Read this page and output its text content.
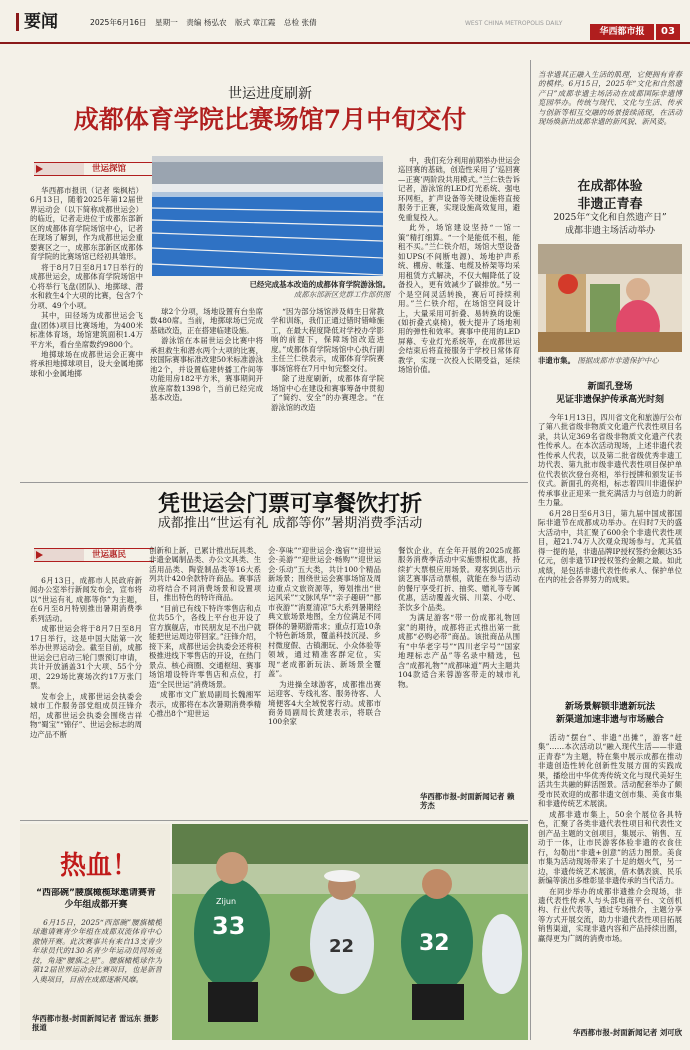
要闻	2025年6月16日 星期一 责编 杨弘农 版式 章江霞 总检 张倩	WEST CHINA METROPOLIS DAILY
华西都市报	03
世运进度刷新
成都体育学院比赛场馆7月中旬交付
世运探馆

华西都市报讯（记者 柴枫桔）6月13日，随着2025年第12届世界运动会（以下简称成都世运会）的临近，记者走进位于成都东部新区的成都体育学院场馆中心，记者在现场了解到，作为成都世运会重要赛区之一，成都东部新区成都体育学院的比赛场馆已经初具雏形。

将于8月7日至8月17日举行的成都世运会，成都体育学院场馆中心将举行飞盘(团队)、地掷球、潜水和救生4个大项的比赛，包含7个分项、49个小项。

其中，田径场为成都世运会飞盘(团体)项目比赛场地，为400米标准体育场，场馆建筑面积1.4万平方米，看台坐席数约9800个。

地掷球场在成都世运会正赛中将承担地掷球项目，设大金属地掷球和小金属地掷

已经完成基本改造的成都体育学院游泳馆。
成都东部新区党群工作部供图

球2个分项，场地设置有台坐席数480席。当前，地掷球场已完成基础改造，正在搭建临建设施。

游泳馆在本届世运会比赛中将承担救生和潜水两个大项的比赛，按国际赛事标准改建50米标准游泳池2个，并设置临建转播工作间等功能用房182平方米，赛事期间开放座席数1398个，当前已经完成基本改造。

“因为部分场馆涉及师生日常教学和训练，我们正通过错时错峰施工，在最大程度降低对学校办学影响的前提下，保障场馆改造进度。”成都体育学院场馆中心执行副主任兰仁铁表示，成都体育学院赛事场馆将在7月中旬完整交付。

除了进度刷新，成都体育学院场馆中心在建设和赛事筹备中贯彻了“简约、安全”的办赛理念。“在游泳馆的改造

中，我们充分利用前期举办世运会巡回赛的基础，创造性采用了‘巡回赛—正赛’两阶段共用模式。”兰仁铁告诉记者，游泳馆的LED灯光系统、强电环网柜，扩声设备等关键设施将直接服务于正赛，实现设施高效复用，避免重复投入。

此外，场馆建设坚持“一馆一策”精打细算。“一个是能低不租，能租不买。”兰仁铁介绍，场馆大型设备如UPS(不间断电源)、场地护声系统、棚房、帐篷、电缆及桥架等均采用租赁方式解决，不仅大幅降低了设备投入，更有效减少了碳排放。”另一个是空间灵活转换，赛后可持续利用。”兰仁铁介绍，在场馆空间设计上，大量采用可折叠、易转换的设施(如折叠式桌椅)，极大提升了场地利用的弹性和效率。赛事中使用的LED屏幕、专业灯光系统等，在成都世运会结束后将直接服务于学校日常体育教学，实现一次投入长期受益，延续场馆价值。

凭世运会门票可享餐饮打折
成都推出“世运有礼 成都等你”暑期消费季活动
世运惠民

6月13日，成都市人民政府新闻办公室举行新闻发布会，宣布将以“世运有礼 成都等你”为主题，在6月至8月特别推出暑期消费季系列活动。

成都世运会将于8月7日至8月17日举行，这是中国大陆第一次举办世界运动会。截至目前，成都世运会已启动三轮门票预订申请，共计开放涵盖31个大项、55个分项、229场比赛场次约17万张门票。

发布会上，成都世运会执委会城市工作服务部党组成员汪锋介绍，成都世运会执委会围绕吉祥物“蜀宝”“锦仔”、世运会标志的周边产品不断

创新和上新，已累计推出玩具类、非遗金属制品类、办公文具类、生活用品类、陶瓷制品类等16大系列共计420余款特许商品。赛事活动将结合不同消费场景和设置项目，推出特色的特许商品。

“目前已有线下特许零售店和点位共55个，各线上平台也开设了官方旗舰店，市民朋友足不出户就能把世运周边带回家。”汪锋介绍，接下来，成都世运会执委会还将积极推进线下零售店的开设，在热门景点、核心商圈、交通枢纽、赛事场馆增设特许零售店和点位，打造“全民世运”消费场景。

成都市文广旅局副局长魏湘军表示，成都将在本次暑期消费季精心推出8个“迎世运

会·享味”“迎世运会·逸宿”“迎世运会·美游”“迎世运会·畅购”“迎世运会·乐动”五大类，共计100个精品新场景；围绕世运会赛事场馆及周边重点文旅资源等，筹划推出“世运风采”“文脉风华”“亲子趣研”“都市夜游”“消夏清凉”5大系列暑期经典文旅场景地图，全方位满足不同群体的暑期游需求；重点打造10条个特色新场景，覆盖科技沉浸、乡村微度假、古镇潮玩、小众体验等领域，通过精准客群定位，实现“老成都新玩法、新场景全覆盖”。

为进操全球游客，成都推出赛运迎客、专线礼客、服务待客、人境便客4大全域悦客行动。成都市商务局副局长黄建表示，将联合100余家

餐饮企业，在全年开展的2025成都服务消费季活动中实施票根优惠，持续扩大票根应用场景。观客到店出示演艺赛事活动票根，就能在参与活动的餐厅享受打折、抽奖、赠礼等专属优惠，活动覆盖火锅、川菜、小吃、茶饮多个品类。

为满足游客“带一份成都礼物回家”的期待，成都将正式推出第一批成都“必购必带”商品。该批商品从围有“中华老字号”“四川老字号”“国家地理标志产品”等名录中精选，包含“成都礼物”“成都味道”两大主题共104款适合来蓉游客带走的城市礼物。

华西都市报-封面新闻记者 赖芳杰
热血！
“西部碗”腰旗橄榄球邀请赛青少年组成都开赛

6月15日，2025“西部碗”腰旗橄榄球邀请赛青少年组在成都双流体育中心激情开赛。此次赛事共有来自13支青少年球员代的130名青少年运动员同场竞技，角逐“腰旗之星”。腰旗橄榄球作为第12届世界运动会比赛项目，也是新晋入奥项目，目前在成都逐渐风靡。

华西都市报-封面新闻记者 雷远东 摄影报道
33
22	32
Zijun
当非遗其正融入生活的肌理，它便拥有青春的模样。6月15日，2025年“文化和自然遗产日”成都非遗主场活动在成都国际非遗博览园举办。传统与现代、文化与生活、传承与创新等相互交融的场景接续涌现，在活动现场焕新出成都非遗的新风貌、新风姿。
在成都体验
非遗正青春
2025年“文化和自然遗产日”
成都非遗主场活动举办
非遗市集。 图据成都市非遗保护中心
新面孔登场
见证非遗保护传承高光时刻

今年1月13日，四川省文化和旅游厅公布了第八批省级非物质文化遗产代表性项目名录，共认定369名省级非物质文化遗产代表性传承人。在本次活动现场，上述非遗代表性传承人代表，以及第二批省级优秀非遗工坊代表、第九批市级非遗代表性项目保护单位代表依次登台亮相，举行授牌和颁发证书仪式。新面孔的亮相，标志着四川非遗保护传承事业正迎来一批充满活力与创造力的新生力量。

6月28日至6月3日，第九届中国成都国际非遗节在成都成功举办。在归时7天的盛大活动中，共汇聚了600余个非遗代表性项目，超21.74万人次观众现场参与。尤其值得一提的是，非遗品牌IP授权签约金额达35亿元，创非遗节IP授权签约金额之最。如此成绩，是包括非遗代表性传承人、保护单位在内的社会各界努力的成果。

新场景解锁非遗新玩法
新渠道加速非遗与市场融合

活动“摆台”、非遗“出摊”，游客“赶集”……本次活动以“融入现代生活——非遗正青春”为主题，特在集中展示成都在推动非遗创造性转化创新性发展方面的实践成果，播绘出中华优秀传统文化与现代美好生活共生共融的鲜活图景。活动配套举办了颇受市民欢迎的成都非遗文创市集、美食市集和非遗传统艺术展演。

成都非遗市集上，50余个展位各具特色，汇聚了各类非遗代表性项目和代表性文创产品主题的文创项目，集展示、销售、互动于一体，让市民游客体验非遗的衣食住行，勾勒出“非遗+创意”的活力图景。美食市集为活动现场带来了十足的烟火气，另一边，非遗传统艺术展演，借木偶表演、民乐新编等演出多维彰显非遗传承的当代活力。

在同步举办的成都非遗推介会现场，非遗代表性传承人与头部电商平台、文创机构、行业代表等，通过专场推介，主题分享等方式开展交流，助力非遗代表性项目拓展销售渠道，实现非遗内容和产品持续出圈，赢得更为广阔的消费市场。

华西都市报-封面新闻记者 刘可欣
